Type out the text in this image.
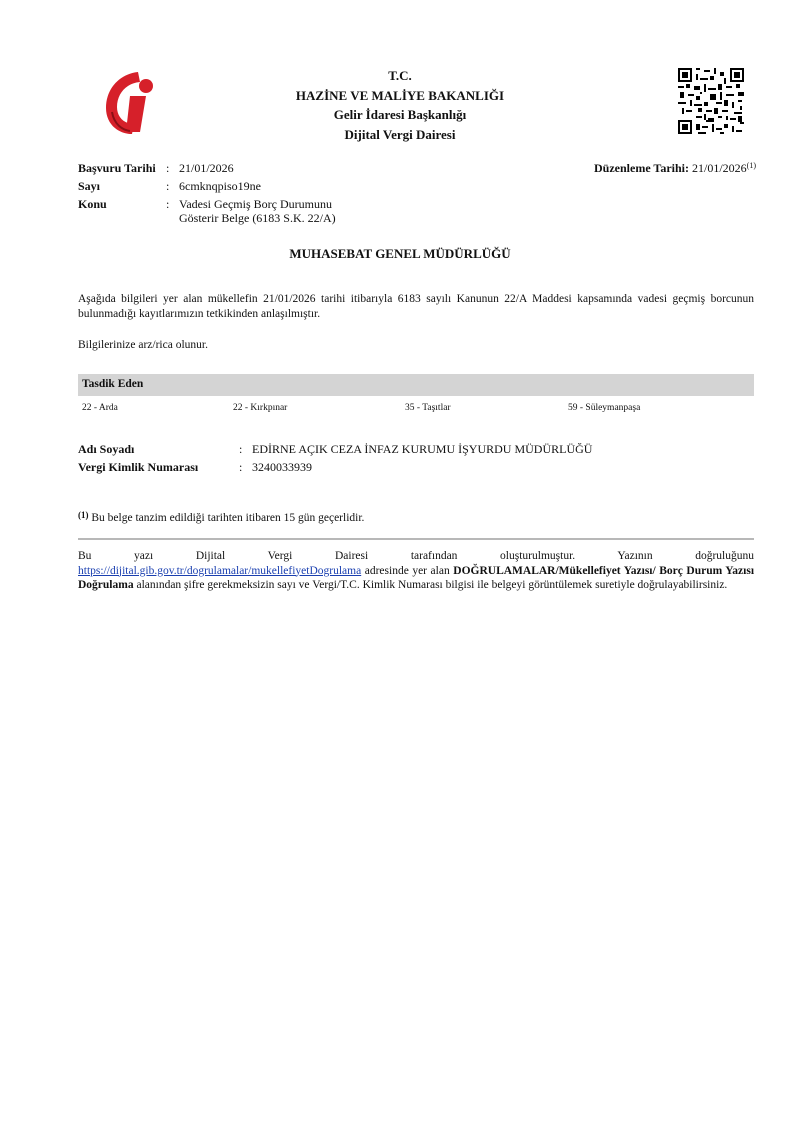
T.C.
HAZİNE VE MALİYE BAKANLIĞI
Gelir İdaresi Başkanlığı
Dijital Vergi Dairesi
Başvuru Tarihi : 21/01/2026
Sayı	: 6cmknqpiso19ne
Konu	: Vadesi Geçmiş Borç Durumunu
Gösterir Belge (6183 S.K. 22/A)
Düzenleme Tarihi: 21/01/2026$^{(1)}$
MUHASEBAT GENEL MÜDÜRLÜĞÜ
Aşağıda bilgileri yer alan mükellefin 21/01/2026 tarihi itibarıyla 6183 sayılı Kanunun 22/A Maddesi kapsamında vadesi geçmiş borcunun bulunmadığı kayıtlarımızın tetkikinden anlaşılmıştır.
Bilgilerinize arz/rica olunur.
Tasdik Eden
22 - Arda	22 - Kırkpınar	35 - Taşıtlar	59 - Süleymanpaşa
Adı Soyadı	: EDİRNE AÇIK CEZA İNFAZ KURUMU İŞYURDU MÜDÜRLÜĞÜ
Vergi Kimlik Numarası	: 3240033939
$^{(1)}$ Bu belge tanzim edildiği tarihten itibaren 15 gün geçerlidir.
Bu yazı Dijital Vergi Dairesi tarafından oluşturulmuştur. Yazının doğruluğunu
https://dijital.gib.gov.tr/dogrulamalar/mukellefiyetDogrulama adresinde yer alan DOĞRULAMALAR/Mükellefiyet Yazısı/ Borç Durum Yazısı Doğrulama alanından şifre gerekmeksizin sayı ve Vergi/T.C. Kimlik Numarası bilgisi ile belgeyi görüntülemek suretiyle doğrulayabilirsiniz.
